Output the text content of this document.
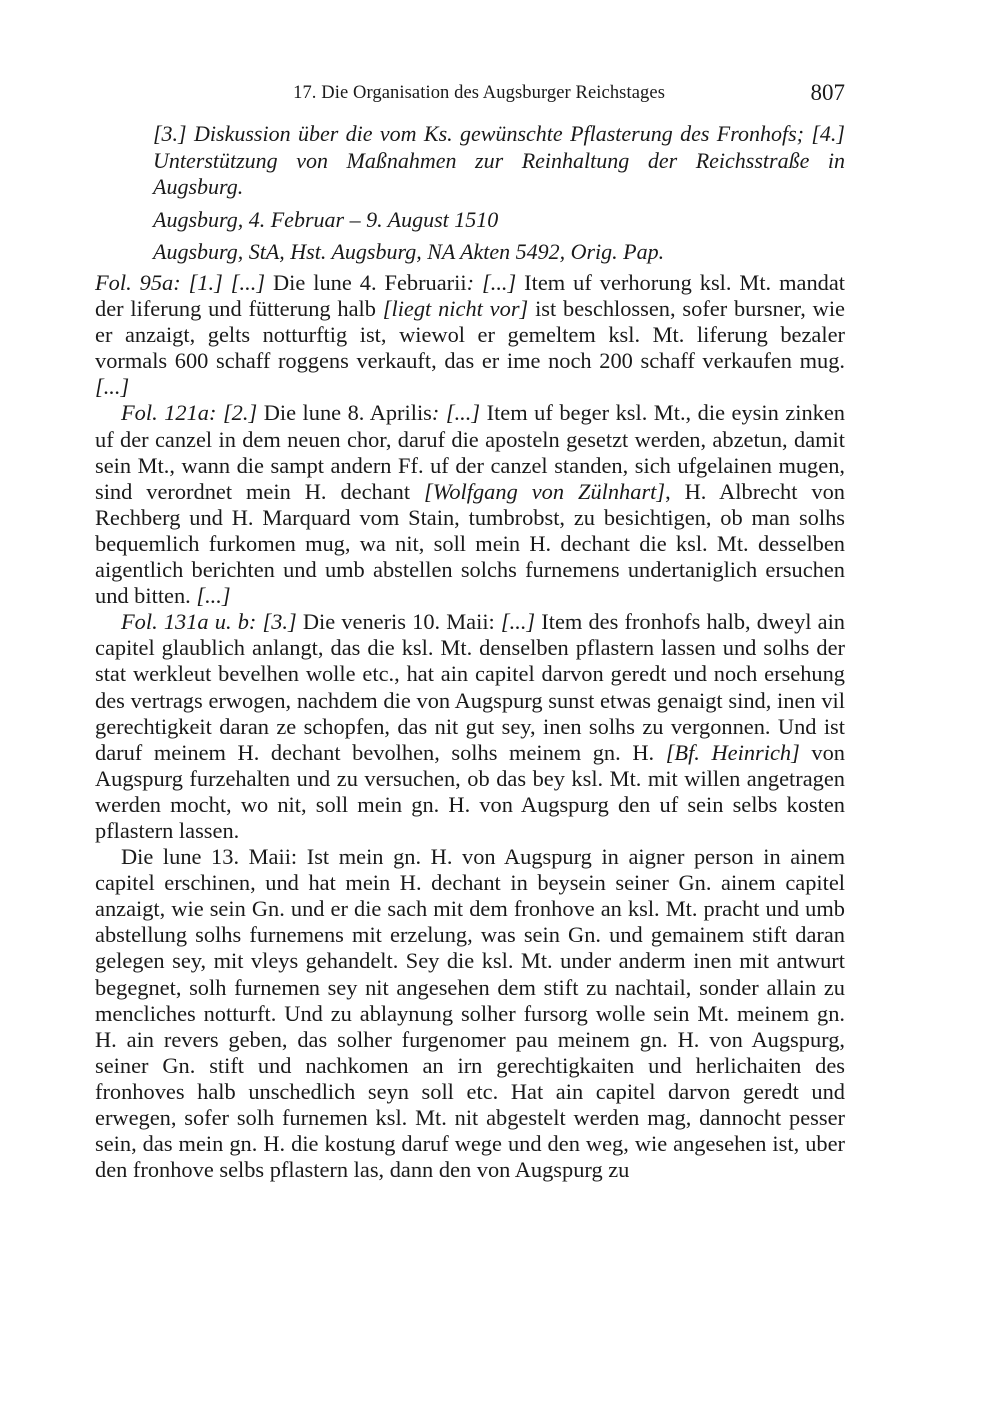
17. Die Organisation des Augsburger Reichstages	807

[3.] Diskussion über die vom Ks. gewünschte Pflasterung des Fronhofs; [4.] Unterstützung von Maßnahmen zur Reinhaltung der Reichsstraße in Augsburg.

Augsburg, 4. Februar – 9. August 1510

Augsburg, StA, Hst. Augsburg, NA Akten 5492, Orig. Pap.

Fol. 95a: [1.] [...] Die lune 4. Februarii: [...] Item uf verhorung ksl. Mt. mandat der liferung und fütterung halb [liegt nicht vor] ist beschlossen, sofer bursner, wie er anzaigt, gelts notturftig ist, wiewol er gemeltem ksl. Mt. liferung bezaler vormals 600 schaff roggens verkauft, das er ime noch 200 schaff verkaufen mug. [...]

Fol. 121a: [2.] Die lune 8. Aprilis: [...] Item uf beger ksl. Mt., die eysin zinken uf der canzel in dem neuen chor, daruf die aposteln gesetzt werden, abzetun, damit sein Mt., wann die sampt andern Ff. uf der canzel standen, sich ufgelainen mugen, sind verordnet mein H. dechant [Wolfgang von Zülnhart], H. Albrecht von Rechberg und H. Marquard vom Stain, tumbrobst, zu besichtigen, ob man solhs bequemlich furkomen mug, wa nit, soll mein H. dechant die ksl. Mt. desselben aigentlich berichten und umb abstellen solchs furnemens undertaniglich ersuchen und bitten. [...]

Fol. 131a u. b: [3.] Die veneris 10. Maii: [...] Item des fronhofs halb, dweyl ain capitel glaublich anlangt, das die ksl. Mt. denselben pflastern lassen und solhs der stat werkleut bevelhen wolle etc., hat ain capitel darvon geredt und noch ersehung des vertrags erwogen, nachdem die von Augspurg sunst etwas genaigt sind, inen vil gerechtigkeit daran ze schopfen, das nit gut sey, inen solhs zu vergonnen. Und ist daruf meinem H. dechant bevolhen, solhs meinem gn. H. [Bf. Heinrich] von Augspurg furzehalten und zu versuchen, ob das bey ksl. Mt. mit willen angetragen werden mocht, wo nit, soll mein gn. H. von Augspurg den uf sein selbs kosten pflastern lassen.

Die lune 13. Maii: Ist mein gn. H. von Augspurg in aigner person in ainem capitel erschinen, und hat mein H. dechant in beysein seiner Gn. ainem capitel anzaigt, wie sein Gn. und er die sach mit dem fronhove an ksl. Mt. pracht und umb abstellung solhs furnemens mit erzelung, was sein Gn. und gemainem stift daran gelegen sey, mit vleys gehandelt. Sey die ksl. Mt. under anderm inen mit antwurt begegnet, solh furnemen sey nit angesehen dem stift zu nachtail, sonder allain zu mencliches notturft. Und zu ablaynung solher fursorg wolle sein Mt. meinem gn. H. ain revers geben, das solher furgenomer pau meinem gn. H. von Augspurg, seiner Gn. stift und nachkomen an irn gerechtigkaiten und herlichaiten des fronhoves halb unschedlich seyn soll etc. Hat ain capitel darvon geredt und erwegen, sofer solh furnemen ksl. Mt. nit abgestelt werden mag, dannocht pesser sein, das mein gn. H. die kostung daruf wege und den weg, wie angesehen ist, uber den fronhove selbs pflastern las, dann den von Augspurg zu
